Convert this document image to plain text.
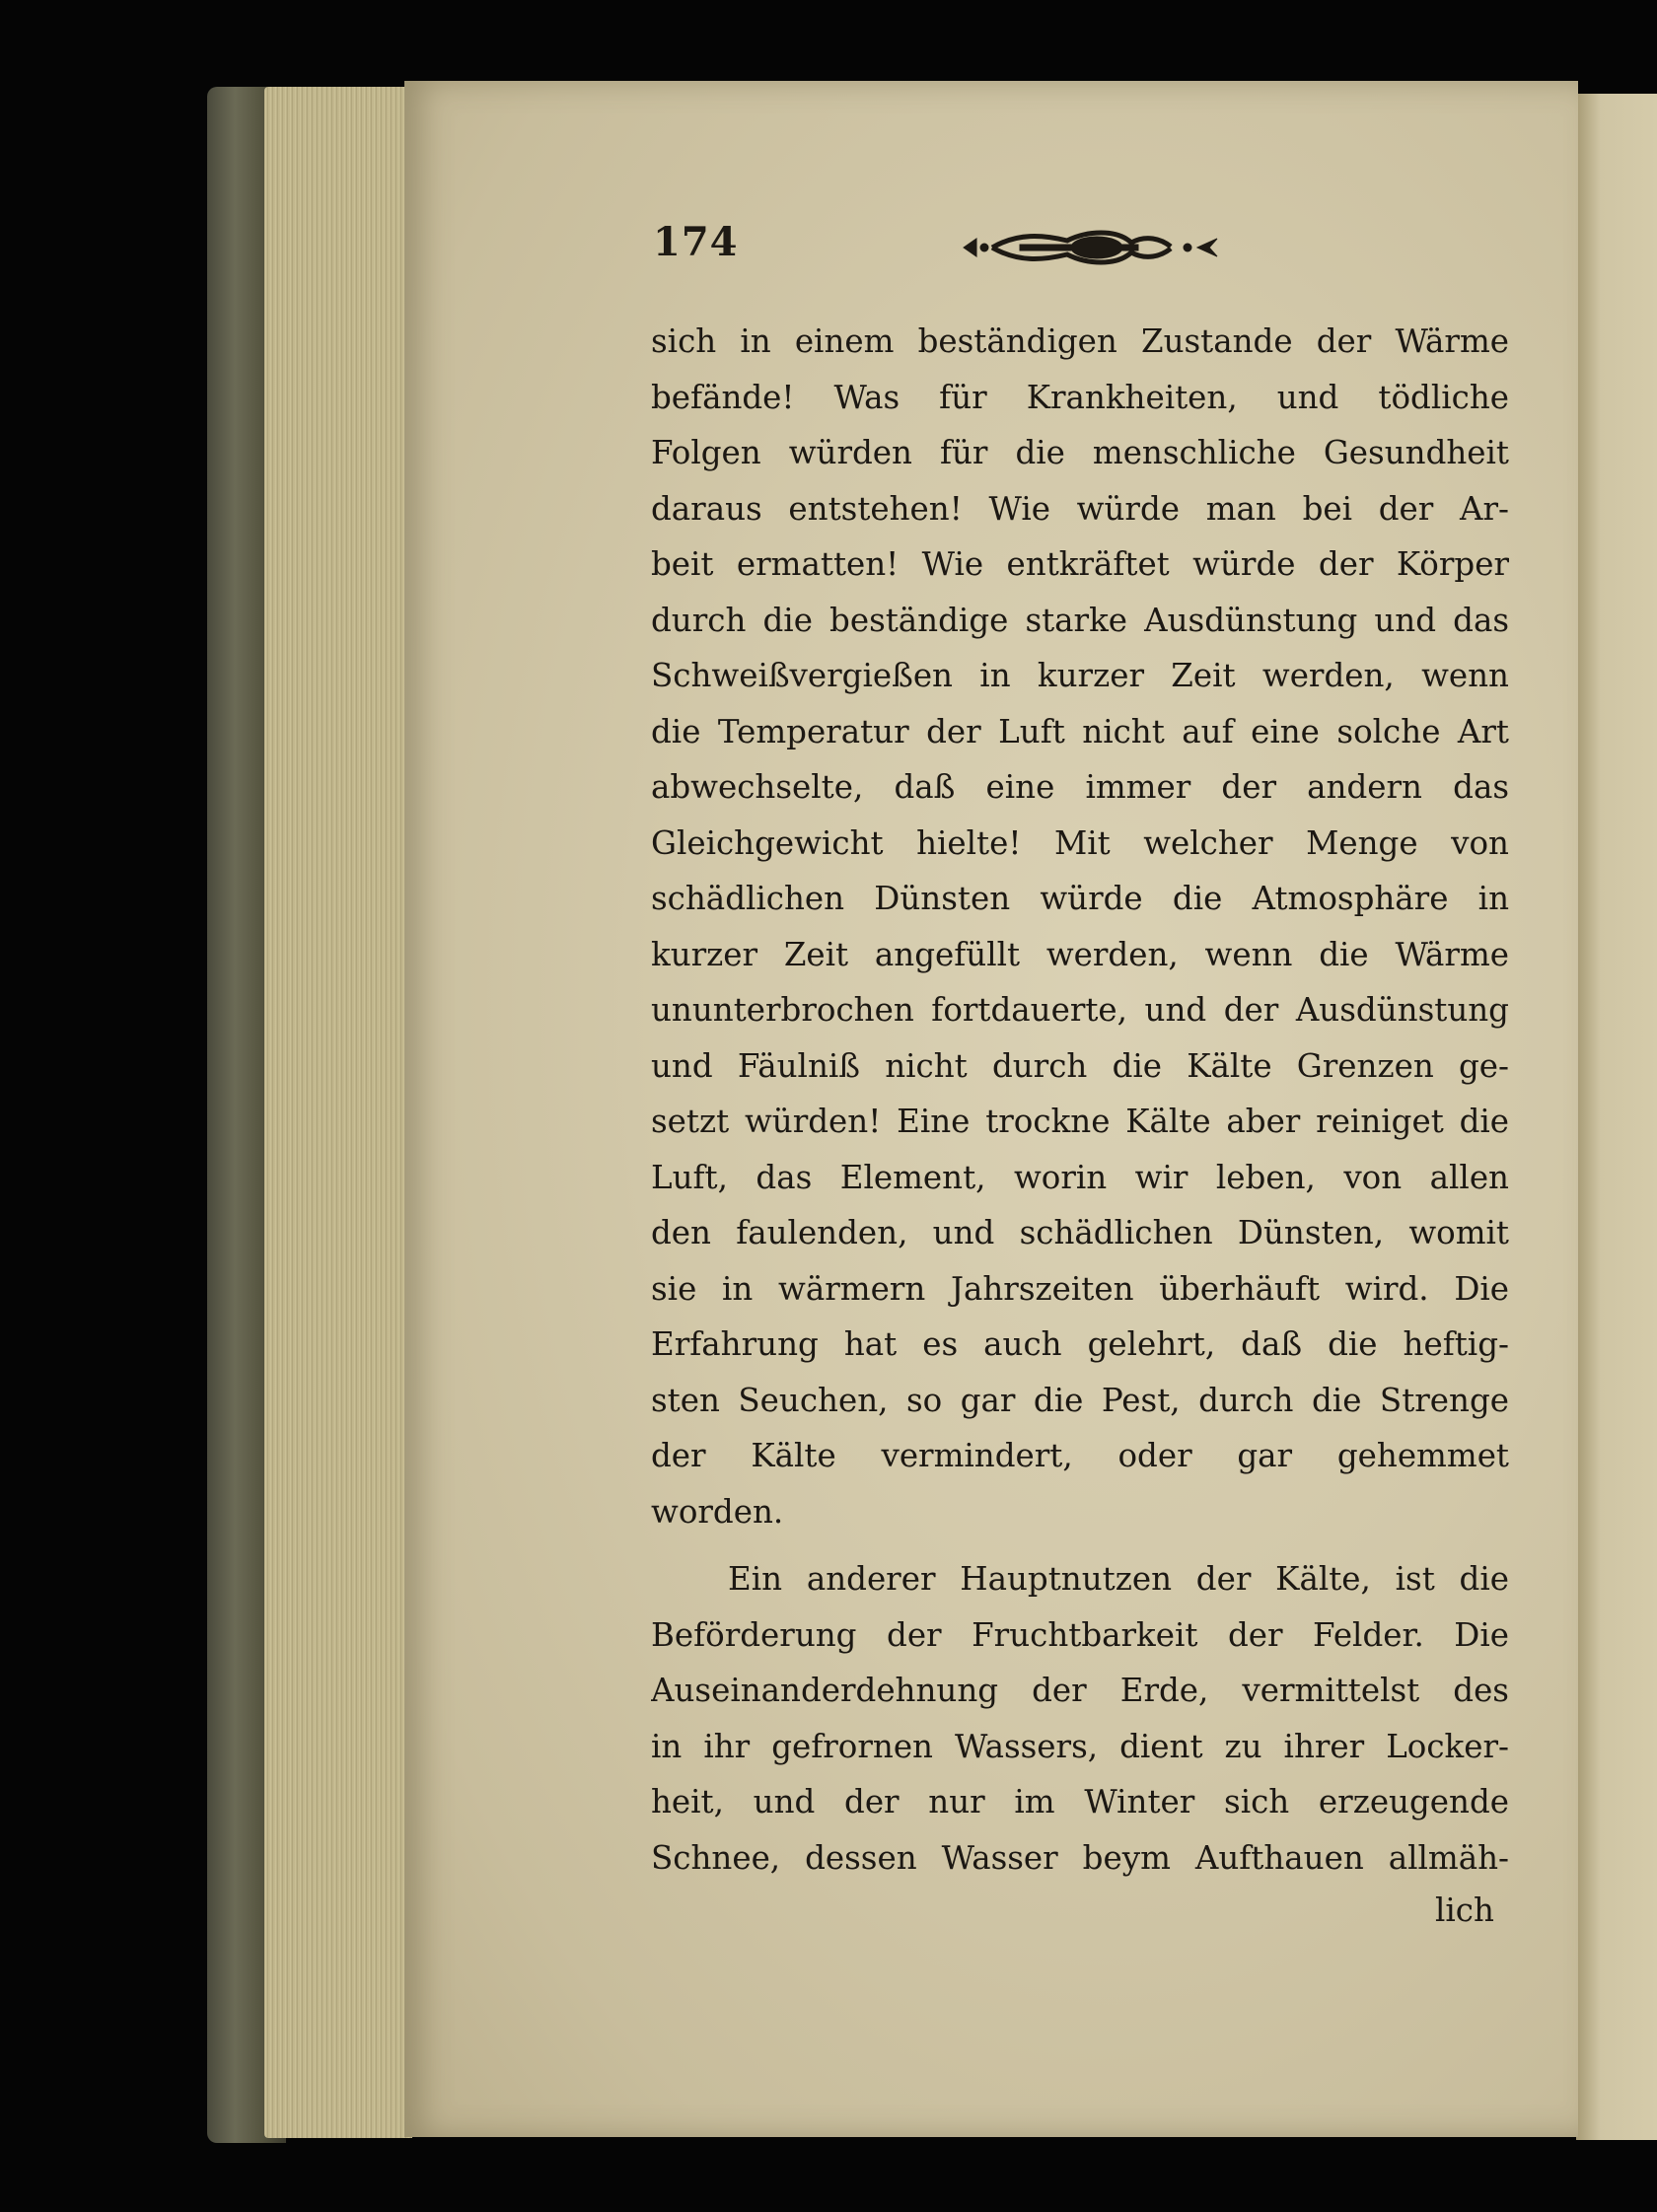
174
sich in einem beständigen Zustande der Wärme
befände! Was für Krankheiten, und tödliche
Folgen würden für die menschliche Gesundheit
daraus entstehen! Wie würde man bei der Ar-
beit ermatten! Wie entkräftet würde der Körper
durch die beständige starke Ausdünstung und das
Schweißvergießen in kurzer Zeit werden, wenn
die Temperatur der Luft nicht auf eine solche Art
abwechselte, daß eine immer der andern das
Gleichgewicht hielte! Mit welcher Menge von
schädlichen Dünsten würde die Atmosphäre in
kurzer Zeit angefüllt werden, wenn die Wärme
ununterbrochen fortdauerte, und der Ausdünstung
und Fäulniß nicht durch die Kälte Grenzen ge-
setzt würden! Eine trockne Kälte aber reiniget die
Luft, das Element, worin wir leben, von allen
den faulenden, und schädlichen Dünsten, womit
sie in wärmern Jahrszeiten überhäuft wird. Die
Erfahrung hat es auch gelehrt, daß die heftig-
sten Seuchen, so gar die Pest, durch die Strenge
der Kälte vermindert, oder gar gehemmet
worden.
Ein anderer Hauptnutzen der Kälte, ist die
Beförderung der Fruchtbarkeit der Felder. Die
Auseinanderdehnung der Erde, vermittelst des
in ihr gefrornen Wassers, dient zu ihrer Locker-
heit, und der nur im Winter sich erzeugende
Schnee, dessen Wasser beym Aufthauen allmäh-
lich
